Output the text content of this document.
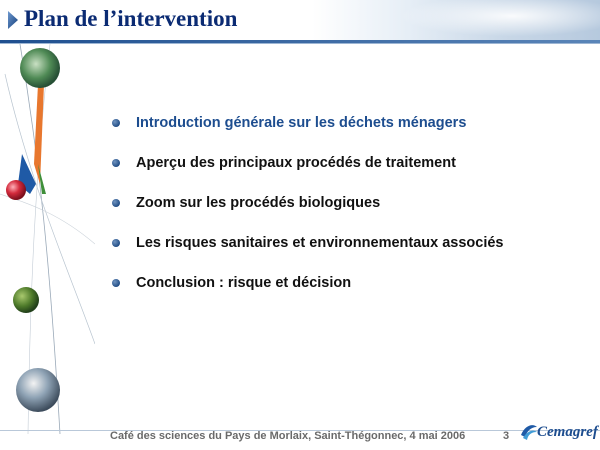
Plan de l’intervention
Introduction générale sur les déchets ménagers
Aperçu des principaux procédés de traitement
Zoom sur les procédés biologiques
Les risques sanitaires et environnementaux associés
Conclusion : risque et décision
Café des sciences du Pays de Morlaix, Saint-Thégonnec, 4 mai 2006	3 Cemagref
